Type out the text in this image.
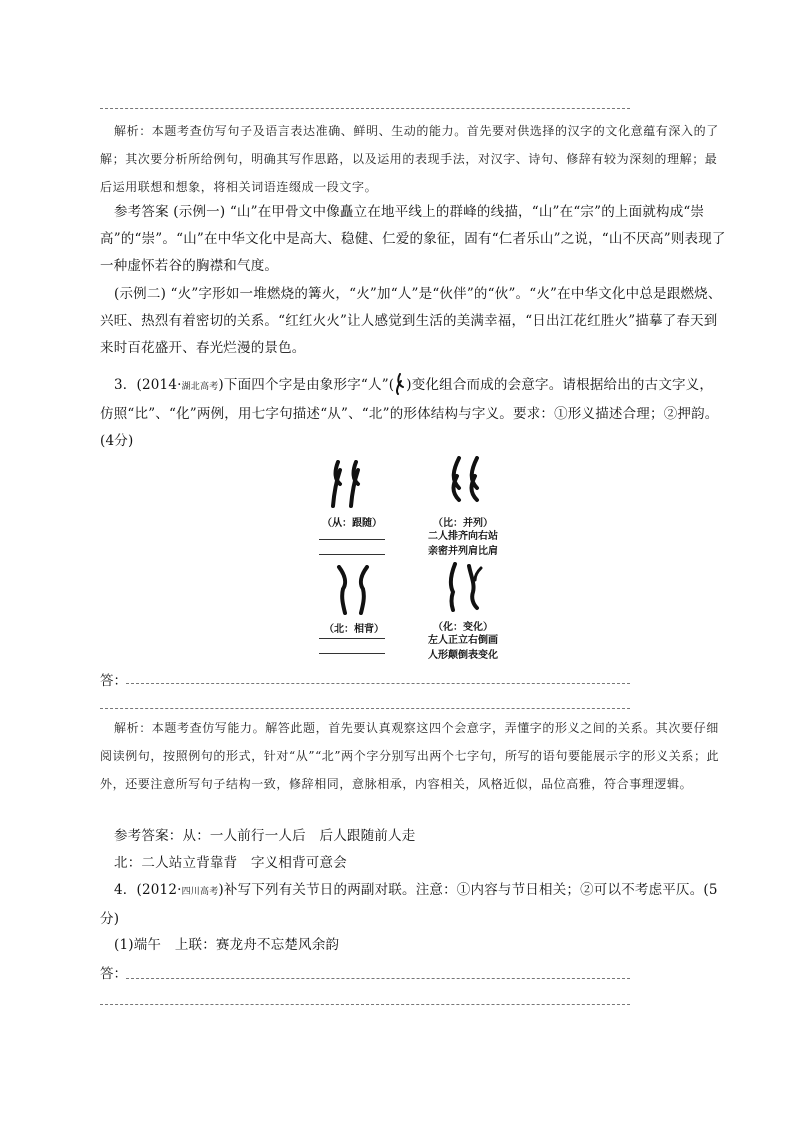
解析：本题考查仿写句子及语言表达准确、鲜明、生动的能力。首先要对供选择的汉字的文化意蕴有深入的了解；其次要分析所给例句，明确其写作思路，以及运用的表现手法，对汉字、诗句、修辞有较为深刻的理解；最后运用联想和想象，将相关词语连缀成一段文字。
参考答案 (示例一) “山”在甲骨文中像矗立在地平线上的群峰的线描，“山”在“宗”的上面就构成“崇高”的“崇”。“山”在中华文化中是高大、稳健、仁爱的象征，固有“仁者乐山”之说，“山不厌高”则表现了一种虚怀若谷的胸襟和气度。
(示例二) “火”字形如一堆燃烧的篝火，“火”加“人”是“伙伴”的“伙”。“火”在中华文化中总是跟燃烧、兴旺、热烈有着密切的关系。“红红火火”让人感觉到生活的美满幸福，“日出江花红胜火”描摹了春天到来时百花盛开、春光烂漫的景色。
3．(2014·湖北高考)下面四个字是由象形字“人”( )变化组合而成的会意字。请根据给出的古文字义，仿照“比”、“化”两例，用七字句描述“从”、“北”的形体结构与字义。要求：①形义描述合理；②押韵。(4分)
（从：跟随）	（比：并列）
二人排齐向右站
亲密并列肩比肩
（北：相背）	（化：变化）
左人正立右倒画
人形颠倒表变化
答：
解析：本题考查仿写能力。解答此题，首先要认真观察这四个会意字，弄懂字的形义之间的关系。其次要仔细阅读例句，按照例句的形式，针对“从”“北”两个字分别写出两个七字句，所写的语句要能展示字的形义关系；此外，还要注意所写句子结构一致，修辞相同，意脉相承，内容相关，风格近似，品位高雅，符合事理逻辑。
参考答案：从：一人前行一人后　后人跟随前人走
北：二人站立背靠背　字义相背可意会
4．(2012·四川高考)补写下列有关节日的两副对联。注意：①内容与节日相关；②可以不考虑平仄。(5分)
(1)端午　上联：赛龙舟不忘楚风余韵
答：
